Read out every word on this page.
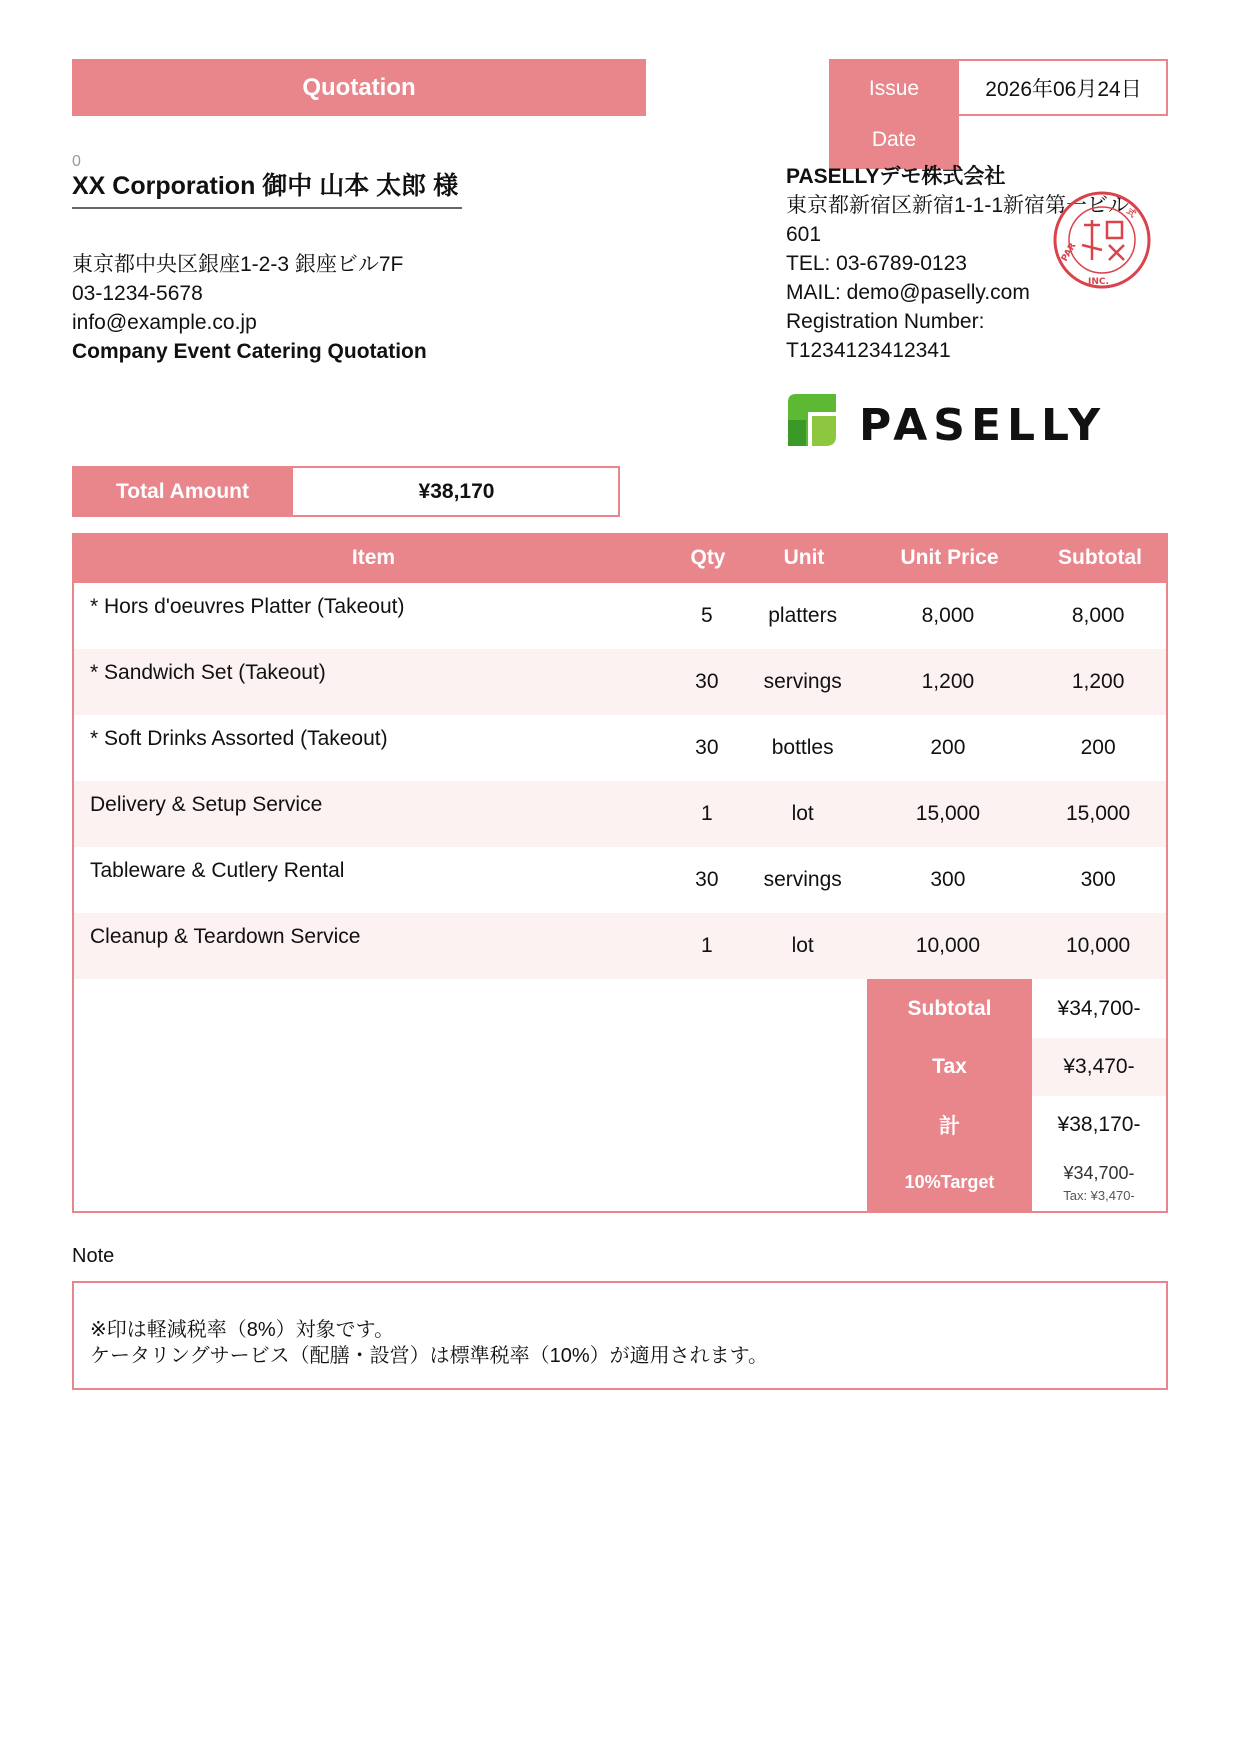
Quotation	Issue
Date
2026年06月24日
0
XX Corporation 御中 山本 太郎 様
東京都中央区銀座1-2-3 銀座ビル7F
03-1234-5678
info@example.co.jp
Company Event Catering Quotation
PASELLYデモ株式会社
東京都新宿区新宿1-1-1新宿第一ビル601
TEL: 03-6789-0123
MAIL: demo@paselly.com
Registration Number:
T1234123412341
PAR
INC.
式
PASELLY
Total Amount	¥38,170
Item	Qty	Unit	Unit Price	Subtotal
* Hors d'oeuvres Platter (Takeout)	5	platters	8,000	8,000
* Sandwich Set (Takeout)	30	servings	1,200	1,200
* Soft Drinks Assorted (Takeout)	30	bottles	200	200
Delivery & Setup Service	1	lot	15,000	15,000
Tableware & Cutlery Rental	30	servings	300	300
Cleanup & Teardown Service	1	lot	10,000	10,000
Subtotal	¥34,700-
Tax	¥3,470-
計	¥38,170-
10%Target	¥34,700-
Tax: ¥3,470-
Note
※印は軽減税率（8%）対象です。
ケータリングサービス（配膳・設営）は標準税率（10%）が適用されます。
